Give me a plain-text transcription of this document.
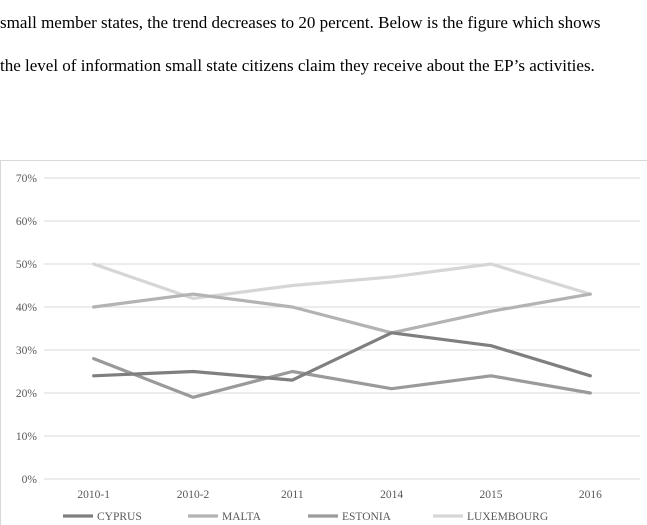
small member states, the trend decreases to 20 percent. Below is the figure which shows
the level of information small state citizens claim they receive about the EP’s activities.
0%
10%
20%
30%
40%
50%
60%
70%
2010-1	2010-2	2011	2014	2015	2016
CYPRUS	MALTA	ESTONIA	LUXEMBOURG
